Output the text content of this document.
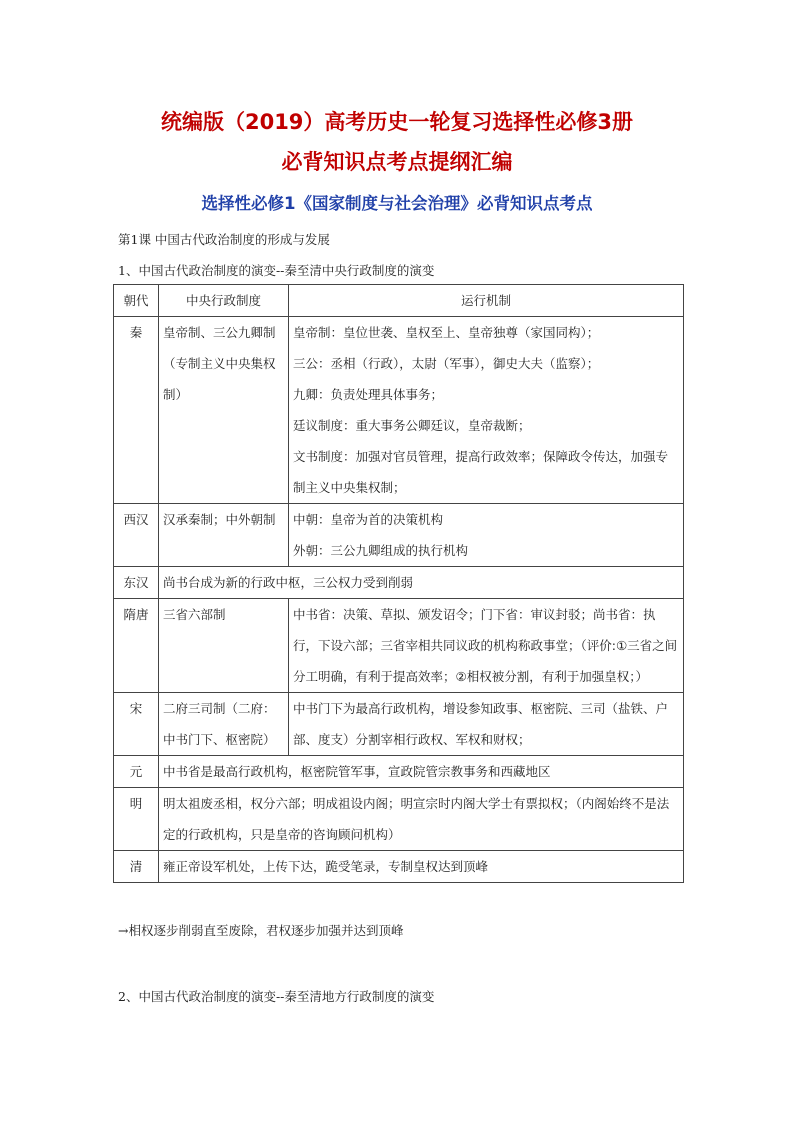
统编版（2019）高考历史一轮复习选择性必修3册
必背知识点考点提纲汇编
选择性必修1《国家制度与社会治理》必背知识点考点
第1课 中国古代政治制度的形成与发展
1、中国古代政治制度的演变--秦至清中央行政制度的演变
朝代	中央行政制度	运行机制
秦	皇帝制、三公九卿制（专制主义中央集权制）	皇帝制：皇位世袭、皇权至上、皇帝独尊（家国同构）；
三公：丞相（行政），太尉（军事），御史大夫（监察）；
九卿：负责处理具体事务；
廷议制度：重大事务公卿廷议，皇帝裁断；
文书制度：加强对官员管理，提高行政效率；保障政令传达，加强专制主义中央集权制；

西汉	汉承秦制；中外朝制	中朝：皇帝为首的决策机构
外朝：三公九卿组成的执行机构

东汉	尚书台成为新的行政中枢，三公权力受到削弱	
隋唐	三省六部制	中书省：决策、草拟、颁发诏令；门下省：审议封驳；尚书省：执行，下设六部；三省宰相共同议政的机构称政事堂；（评价:①三省之间分工明确，有利于提高效率；②相权被分割，有利于加强皇权；）

宋	二府三司制（二府：中书门下、枢密院）	中书门下为最高行政机构，增设参知政事、枢密院、三司（盐铁、户部、度支）分割宰相行政权、军权和财权；

元	中书省是最高行政机构，枢密院管军事，宣政院管宗教事务和西藏地区	
明	明太祖废丞相，权分六部；明成祖设内阁；明宣宗时内阁大学士有票拟权；（内阁始终不是法定的行政机构，只是皇帝的咨询顾问机构）	
清	雍正帝设军机处，上传下达，跪受笔录，专制皇权达到顶峰	
→相权逐步削弱直至废除，君权逐步加强并达到顶峰
2、中国古代政治制度的演变--秦至清地方行政制度的演变
